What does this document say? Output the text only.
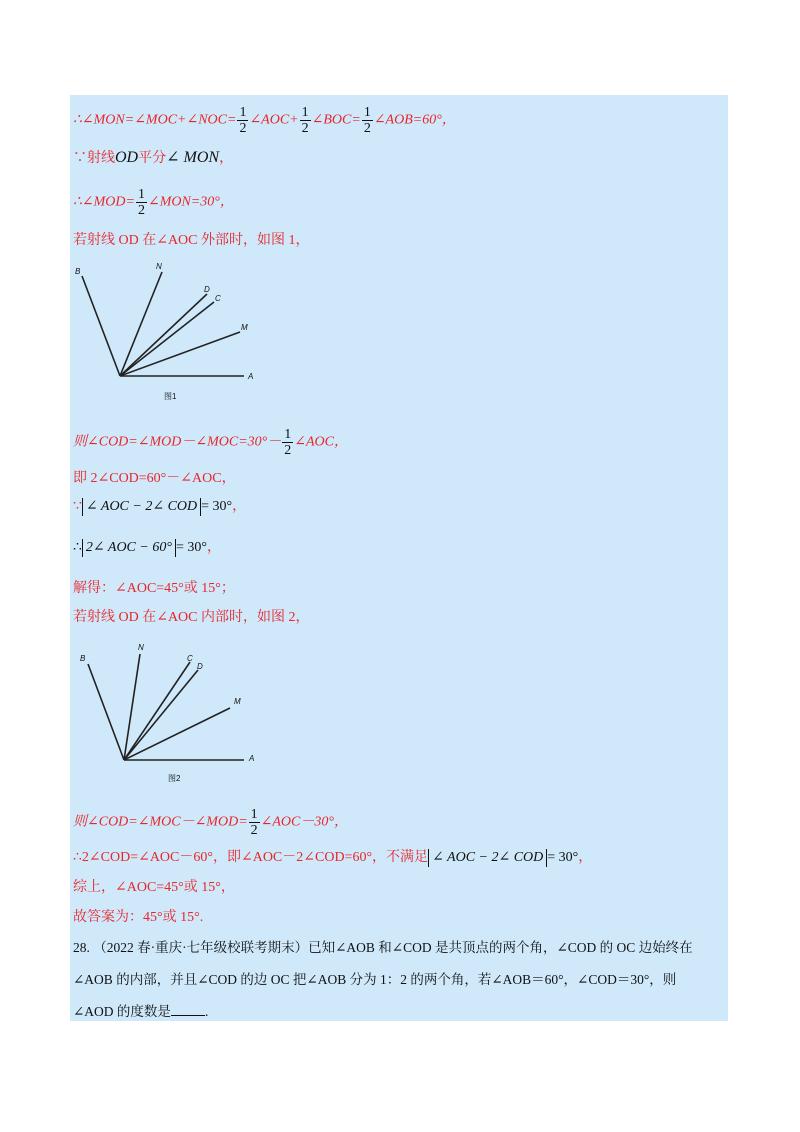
∴∠MON=∠MOC+∠NOC= $\frac{1}{2}$ ∠AOC+ $\frac{1}{2}$ ∠BOC= $\frac{1}{2}$ ∠AOB=60°，
∵射线OD平分∠ MON，
∴∠MOD= $\frac{1}{2}$ ∠MON=30°，
若射线 OD 在∠AOC 外部时，如图 1，
B
N
D
C
M
A
图1
则∠COD=∠MOD－∠MOC=30°－ $\frac{1}{2}$ ∠AOC，
即 2∠COD=60°－∠AOC，
∵ ∠ AOC − 2∠ COD = 30°，
∴ 2∠ AOC − 60° = 30°，
解得：∠AOC=45°或 15°；
若射线 OD 在∠AOC 内部时，如图 2，
B
N
C
D
M
A
图2
则∠COD=∠MOC－∠MOD= $\frac{1}{2}$ ∠AOC－30°，
∴2∠COD=∠AOC－60°，即∠AOC－2∠COD=60°，不满足 ∠ AOC − 2∠ COD = 30°，
综上，∠AOC=45°或 15°，
故答案为：45°或 15°.
28. （2022 春·重庆·七年级校联考期末）已知∠AOB 和∠COD 是共顶点的两个角，∠COD 的 OC 边始终在
∠AOB 的内部，并且∠COD 的边 OC 把∠AOB 分为 1：2 的两个角，若∠AOB＝60°，∠COD＝30°，则
∠AOD 的度数是	.
